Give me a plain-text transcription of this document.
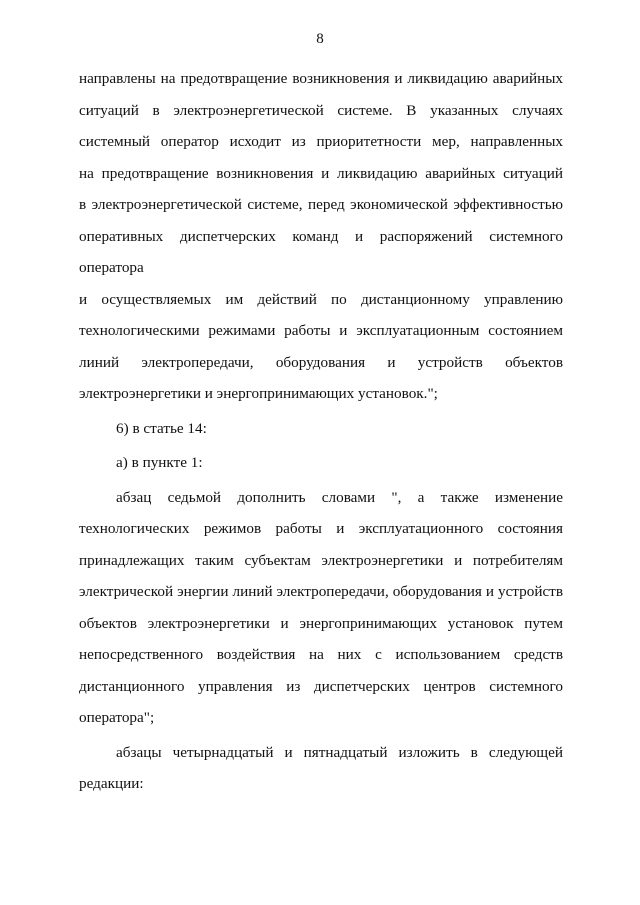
8

направлены на предотвращение возникновения и ликвидацию аварийных

ситуаций в электроэнергетической системе. В указанных случаях

системный оператор исходит из приоритетности мер, направленных

на предотвращение возникновения и ликвидацию аварийных ситуаций

в электроэнергетической системе, перед экономической эффективностью

оперативных диспетчерских команд и распоряжений системного оператора

и осуществляемых им действий по дистанционному управлению

технологическими режимами работы и эксплуатационным состоянием

линий электропередачи, оборудования и устройств объектов

электроэнергетики и энергопринимающих установок.";

6) в статье 14:

а) в пункте 1:

абзац седьмой дополнить словами ", а также изменение

технологических режимов работы и эксплуатационного состояния

принадлежащих таким субъектам электроэнергетики и потребителям

электрической энергии линий электропередачи, оборудования и устройств

объектов электроэнергетики и энергопринимающих установок путем

непосредственного воздействия на них с использованием средств

дистанционного управления из диспетчерских центров системного

оператора";

абзацы четырнадцатый и пятнадцатый изложить в следующей

редакции:
